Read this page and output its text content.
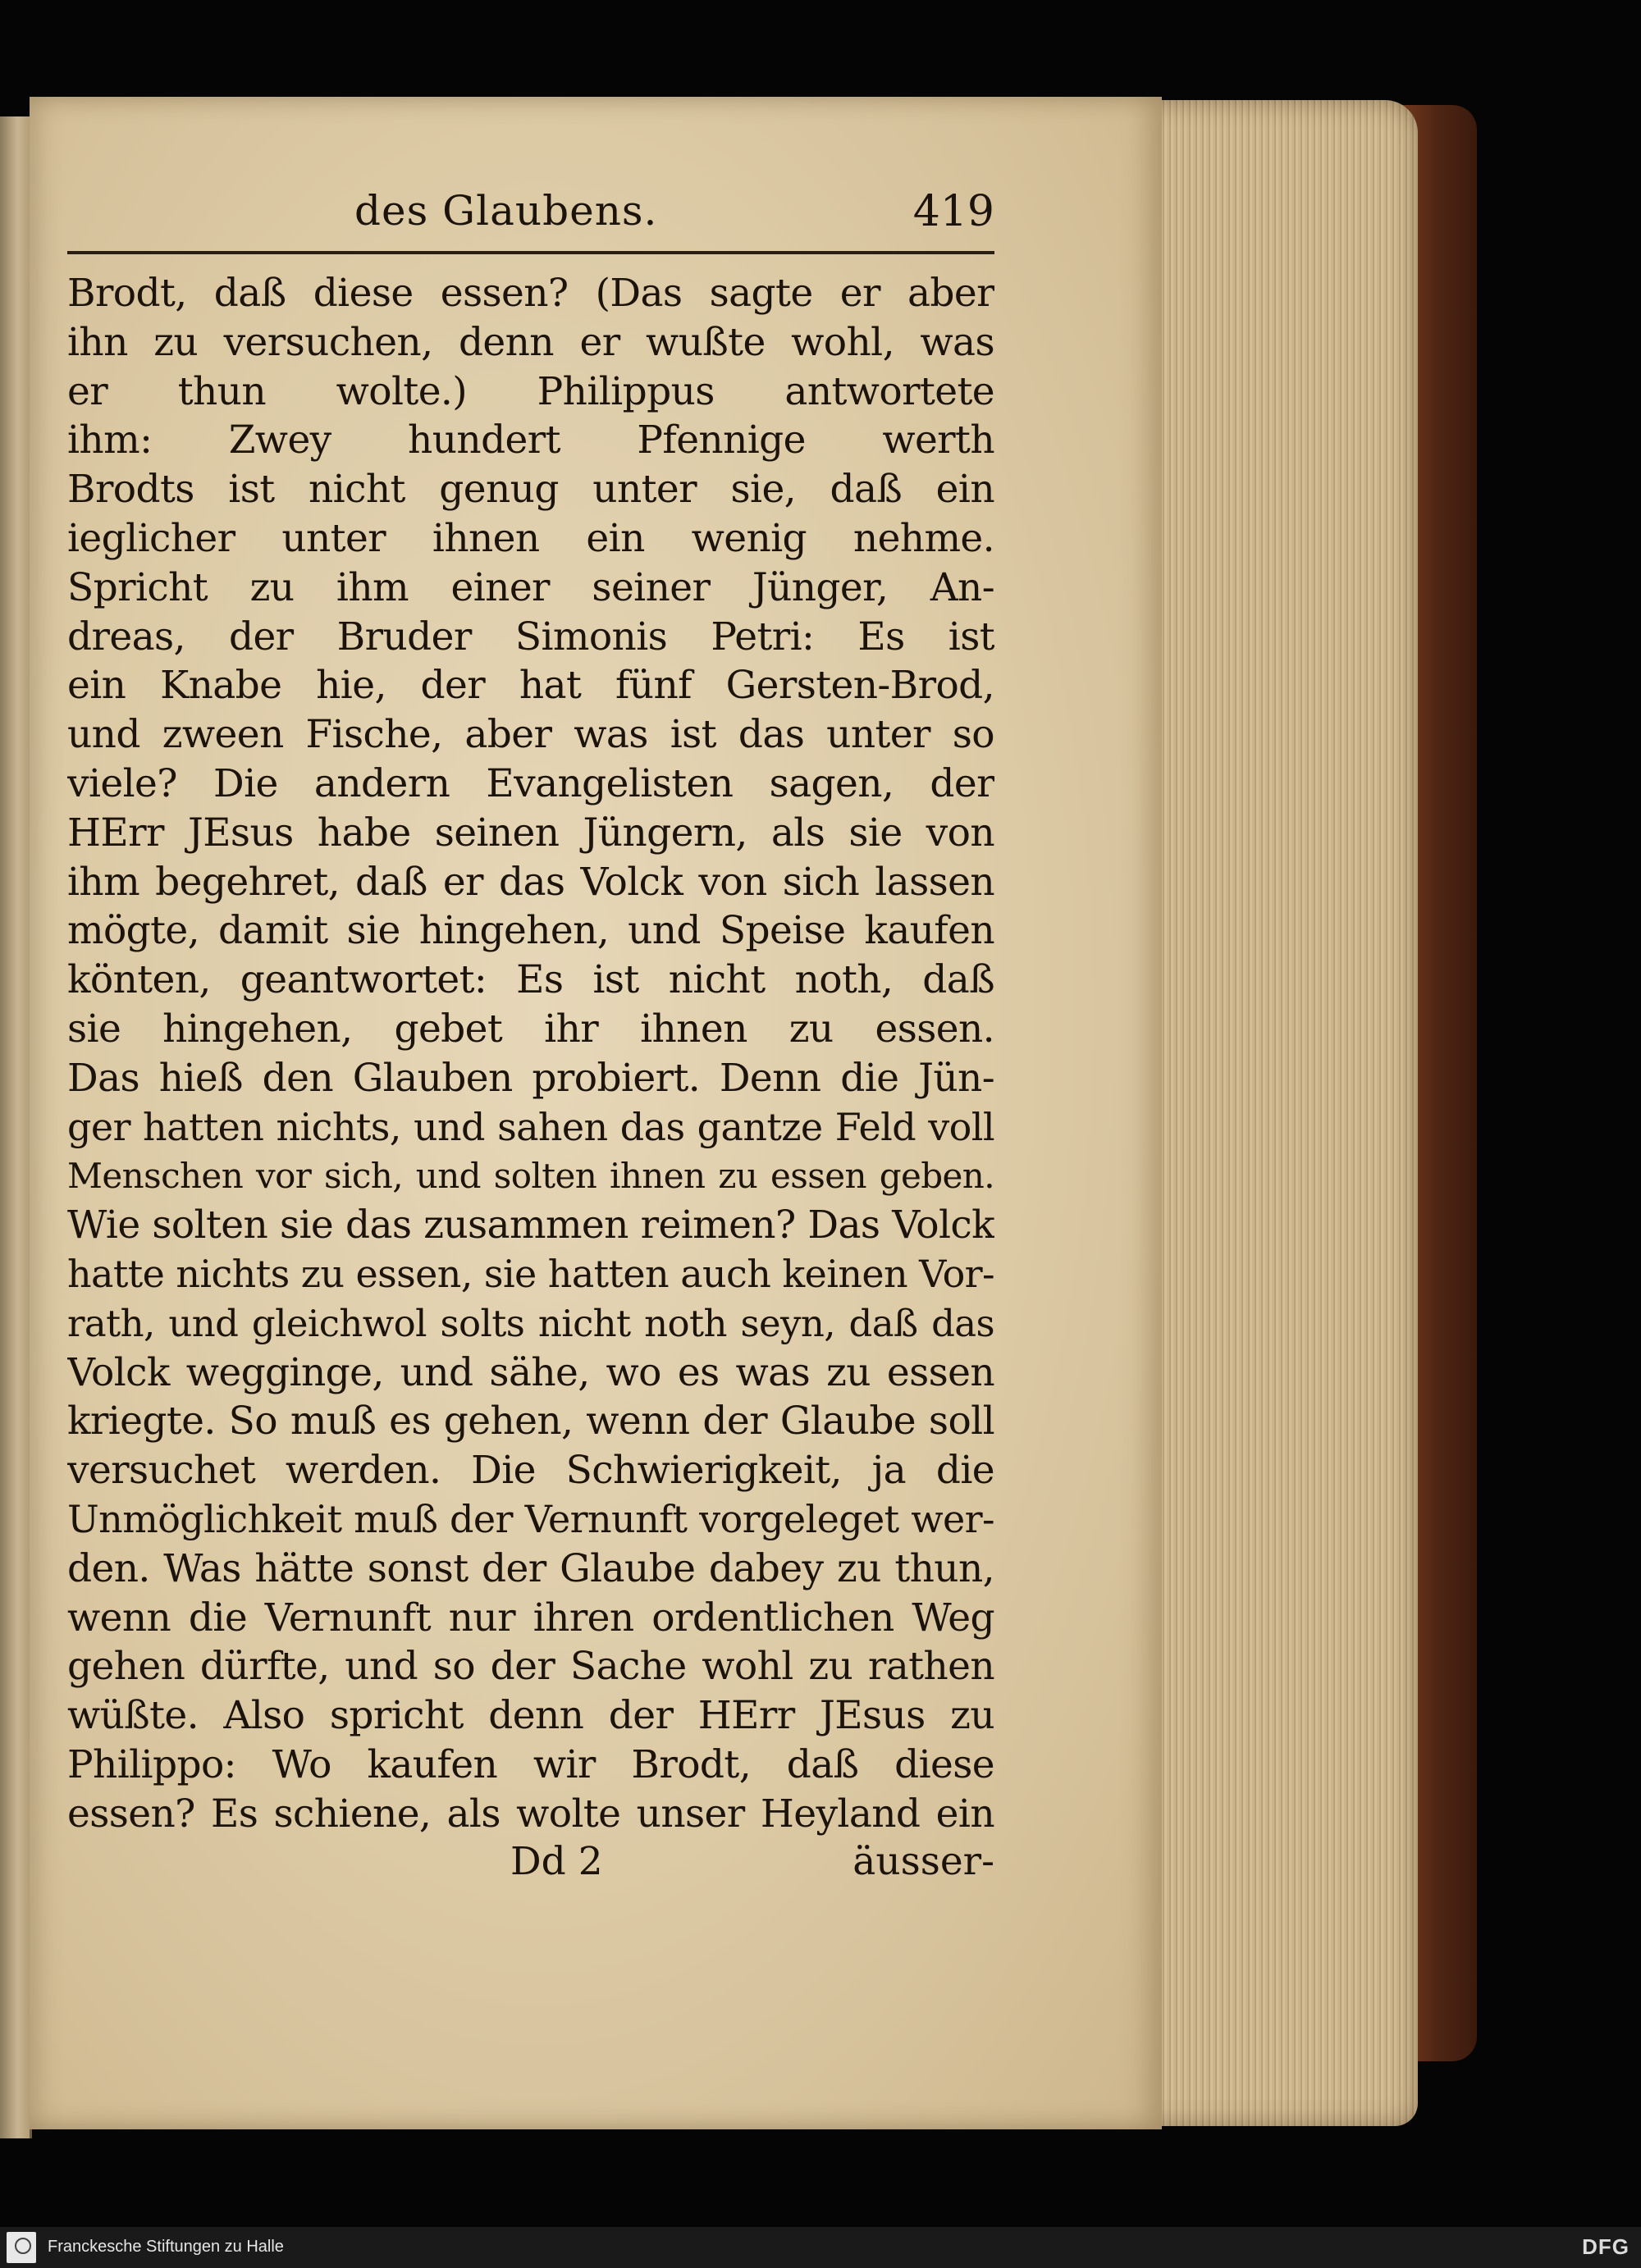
des Glaubens.	419
Brodt, daß diese essen? (Das sagte er aber
ihn zu versuchen, denn er wußte wohl, was
er thun wolte.) Philippus antwortete
ihm: Zwey hundert Pfennige werth
Brodts ist nicht genug unter sie, daß ein
ieglicher unter ihnen ein wenig nehme.
Spricht zu ihm einer seiner Jünger, An-
dreas, der Bruder Simonis Petri: Es ist
ein Knabe hie, der hat fünf Gersten-Brod,
und zween Fische, aber was ist das unter so
viele? Die andern Evangelisten sagen, der
HErr JEsus habe seinen Jüngern, als sie von
ihm begehret, daß er das Volck von sich lassen
mögte, damit sie hingehen, und Speise kaufen
könten, geantwortet: Es ist nicht noth, daß
sie hingehen, gebet ihr ihnen zu essen.
Das hieß den Glauben probiert. Denn die Jün-
ger hatten nichts, und sahen das gantze Feld voll
Menschen vor sich, und solten ihnen zu essen geben.
Wie solten sie das zusammen reimen? Das Volck
hatte nichts zu essen, sie hatten auch keinen Vor-
rath, und gleichwol solts nicht noth seyn, daß das
Volck wegginge, und sähe, wo es was zu essen
kriegte. So muß es gehen, wenn der Glaube soll
versuchet werden. Die Schwierigkeit, ja die
Unmöglichkeit muß der Vernunft vorgeleget wer-
den. Was hätte sonst der Glaube dabey zu thun,
wenn die Vernunft nur ihren ordentlichen Weg
gehen dürfte, und so der Sache wohl zu rathen
wüßte. Also spricht denn der HErr JEsus zu
Philippo: Wo kaufen wir Brodt, daß diese
essen? Es schiene, als wolte unser Heyland ein
Dd 2	äusser-
Franckesche Stiftungen zu Halle	DFG
